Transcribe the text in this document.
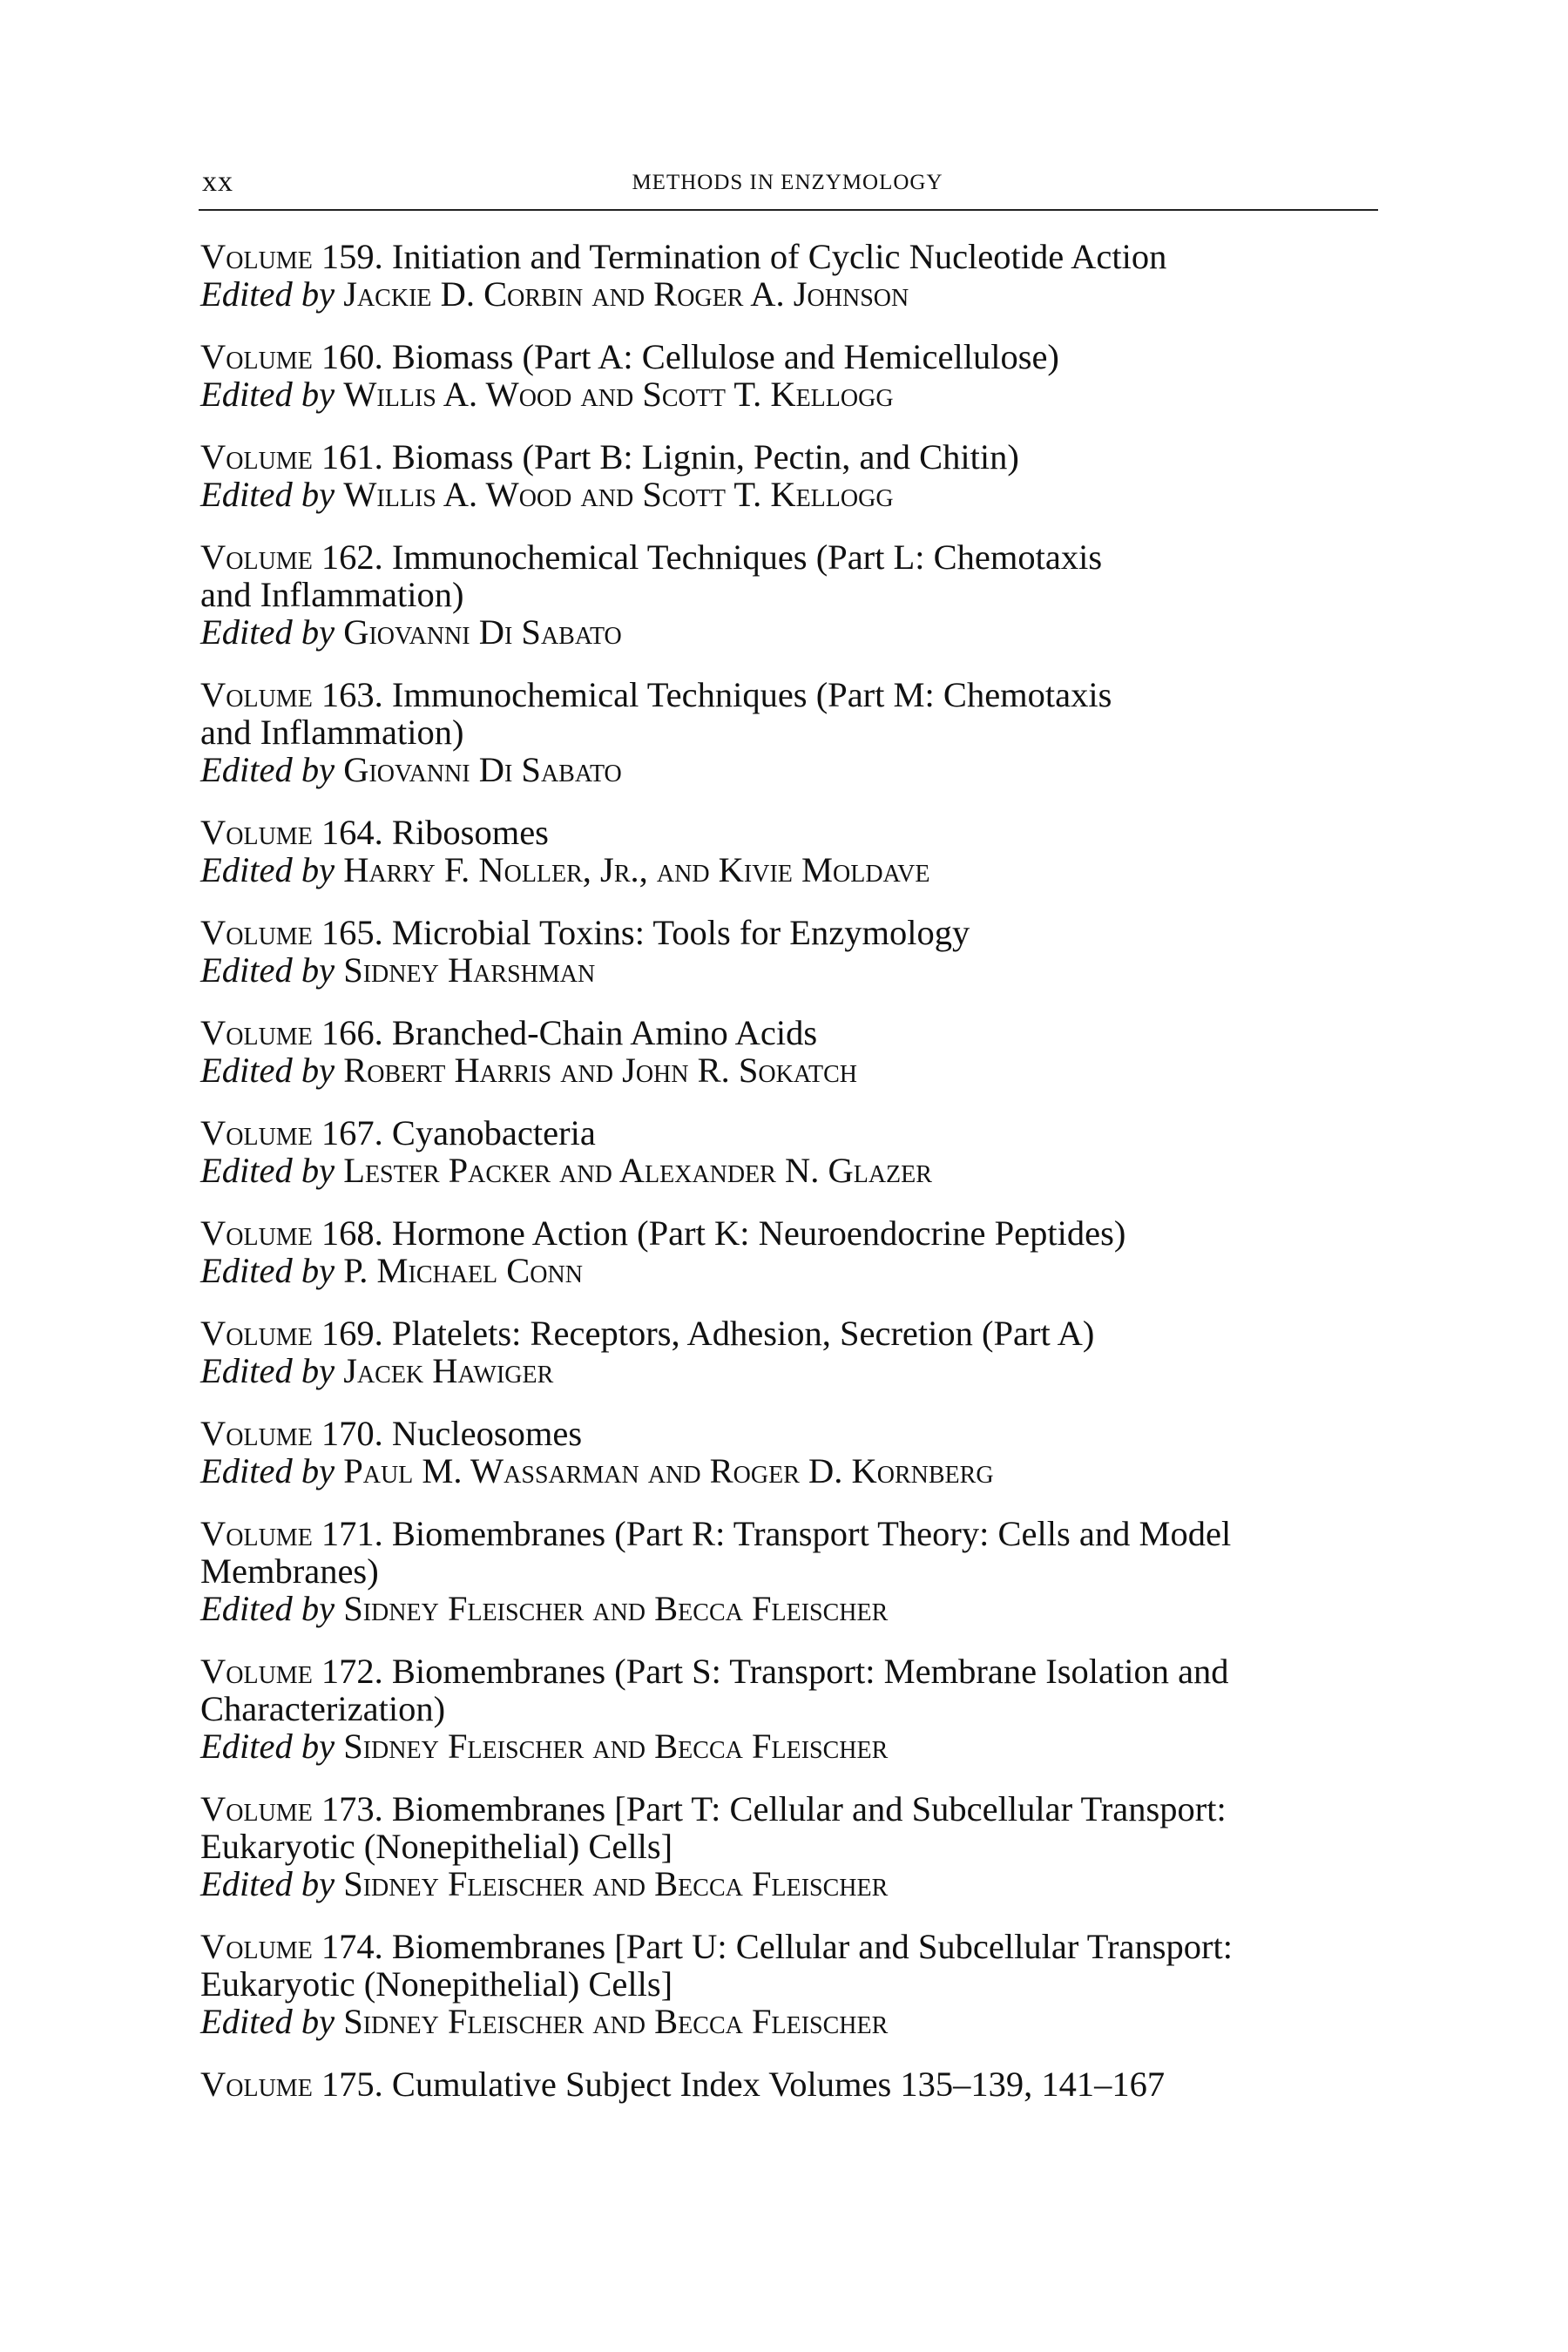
xx	METHODS IN ENZYMOLOGY
Volume 159. Initiation and Termination of Cyclic Nucleotide Action
Edited by Jackie D. Corbin and Roger A. Johnson
Volume 160. Biomass (Part A: Cellulose and Hemicellulose)
Edited by Willis A. Wood and Scott T. Kellogg
Volume 161. Biomass (Part B: Lignin, Pectin, and Chitin)
Edited by Willis A. Wood and Scott T. Kellogg
Volume 162. Immunochemical Techniques (Part L: Chemotaxis
and Inflammation)
Edited by Giovanni Di Sabato
Volume 163. Immunochemical Techniques (Part M: Chemotaxis
and Inflammation)
Edited by Giovanni Di Sabato
Volume 164. Ribosomes
Edited by Harry F. Noller, Jr., and Kivie Moldave
Volume 165. Microbial Toxins: Tools for Enzymology
Edited by Sidney Harshman
Volume 166. Branched-Chain Amino Acids
Edited by Robert Harris and John R. Sokatch
Volume 167. Cyanobacteria
Edited by Lester Packer and Alexander N. Glazer
Volume 168. Hormone Action (Part K: Neuroendocrine Peptides)
Edited by P. Michael Conn
Volume 169. Platelets: Receptors, Adhesion, Secretion (Part A)
Edited by Jacek Hawiger
Volume 170. Nucleosomes
Edited by Paul M. Wassarman and Roger D. Kornberg
Volume 171. Biomembranes (Part R: Transport Theory: Cells and Model
Membranes)
Edited by Sidney Fleischer and Becca Fleischer
Volume 172. Biomembranes (Part S: Transport: Membrane Isolation and
Characterization)
Edited by Sidney Fleischer and Becca Fleischer
Volume 173. Biomembranes [Part T: Cellular and Subcellular Transport:
Eukaryotic (Nonepithelial) Cells]
Edited by Sidney Fleischer and Becca Fleischer
Volume 174. Biomembranes [Part U: Cellular and Subcellular Transport:
Eukaryotic (Nonepithelial) Cells]
Edited by Sidney Fleischer and Becca Fleischer
Volume 175. Cumulative Subject Index Volumes 135–139, 141–167
